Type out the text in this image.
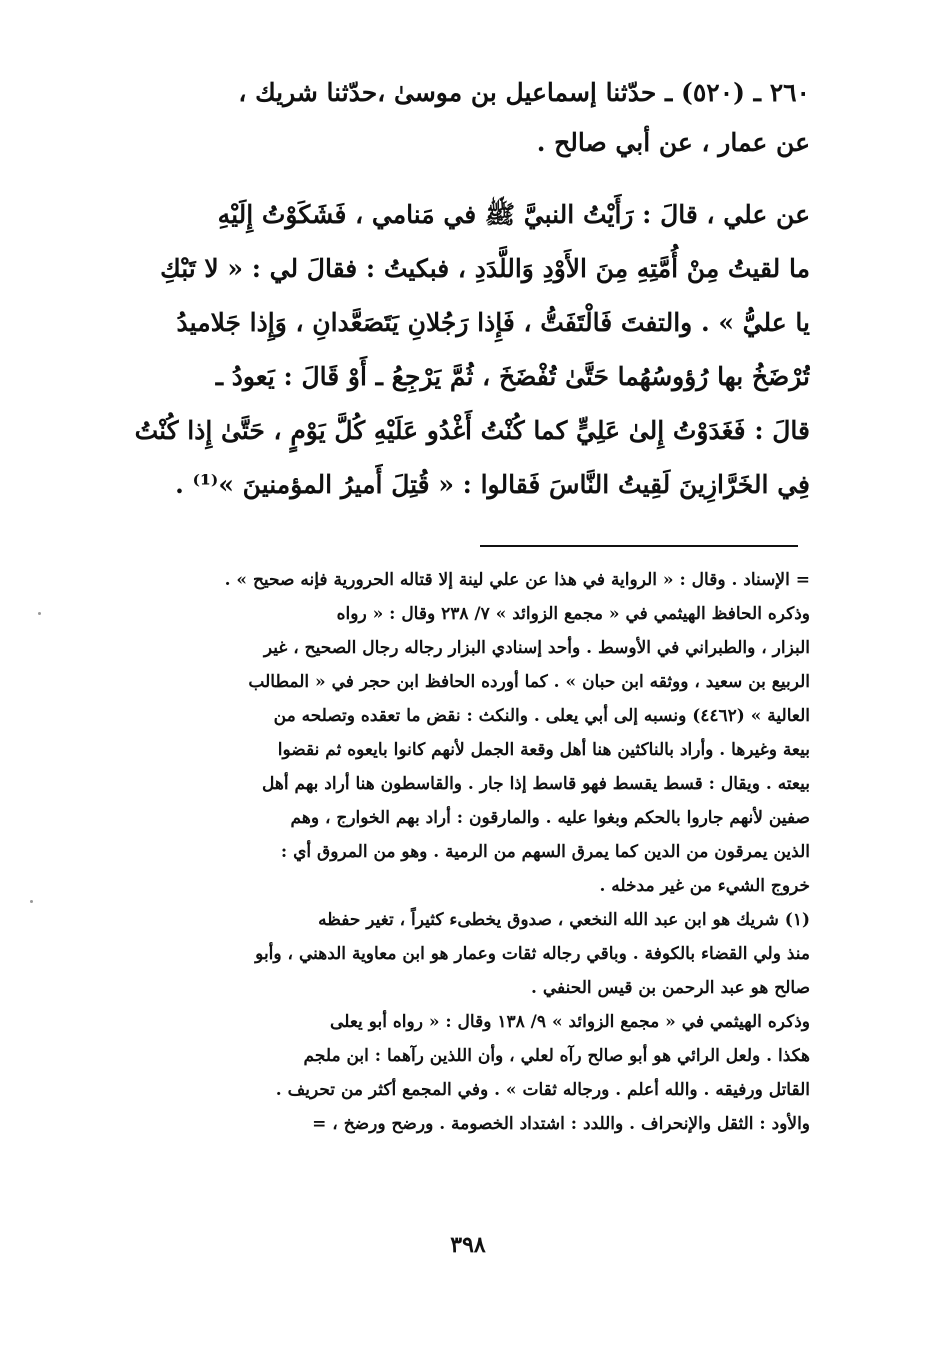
٢٦٠ ـ (٥٢٠) ـ حدّثنا إسماعيل بن موسىٰ ،حدّثنا شريك ،
عن عمار ، عن أبي صالح .
عن علي ، قالَ : رَأَيْتُ النبيَّ ﷺ في مَنامي ، فَشَكَوْتُ إِلَيْهِ
ما لقيتُ مِنْ أُمَّتِهِ مِنَ الأَوْدِ وَاللَّدَدِ ، فبكيتُ : فقالَ لي : « لا تَبْكِ
يا عليُّ » . والتفتَ فَالْتَفَتُّ ، فَإِذا رَجُلانِ يَتَصَعَّدانِ ، وَإِذا جَلاميدُ
تُرْضَخُ بها رُؤوسُهُما حَتَّىٰ تُفْضَخَ ، ثُمَّ يَرْجِعُ ـ أَوْ قَالَ : يَعودُ ـ
قالَ : فَغَدَوْتُ إِلىٰ عَلِيٍّ كما كُنْتُ أَغْدُو عَلَيْهِ كُلَّ يَوْمٍ ، حَتَّىٰ إِذا كُنْتُ
فِي الخَرَّازِينَ لَقِيتُ النَّاسَ فَقالوا : « قُتِلَ أَميرُ المؤمنينَ »⁽¹⁾ .
= الإسناد . وقال : « الرواية في هذا عن علي لينة إلا قتاله الحرورية فإنه صحيح » .
وذكره الحافظ الهيثمي في « مجمع الزوائد » ٧/ ٢٣٨ وقال : « رواه
البزار ، والطبراني في الأوسط . وأحد إسنادي البزار رجاله رجال الصحيح ، غير
الربيع بن سعيد ، ووثقه ابن حبان » . كما أورده الحافظ ابن حجر في « المطالب
العالية » (٤٤٦٢) ونسبه إلى أبي يعلى . والنكث : نقض ما تعقده وتصلحه من
بيعة وغيرها . وأراد بالناكثين هنا أهل وقعة الجمل لأنهم كانوا بايعوه ثم نقضوا
بيعته . ويقال : قسط يقسط فهو قاسط إذا جار . والقاسطون هنا أراد بهم أهل
صفين لأنهم جاروا بالحكم وبغوا عليه . والمارقون : أراد بهم الخوارج ، وهم
الذين يمرقون من الدين كما يمرق السهم من الرمية . وهو من المروق أي :
خروج الشيء من غير مدخله .
(١) شريك هو ابن عبد الله النخعي ، صدوق يخطىء كثيراً ، تغير حفظه
منذ ولي القضاء بالكوفة . وباقي رجاله ثقات وعمار هو ابن معاوية الدهني ، وأبو
صالح هو عبد الرحمن بن قيس الحنفي .
وذكره الهيثمي في « مجمع الزوائد » ٩/ ١٣٨ وقال : « رواه أبو يعلى
هكذا . ولعل الرائي هو أبو صالح رآه لعلي ، وأن اللذين رآهما : ابن ملجم
القاتل ورفيقه . والله أعلم . ورجاله ثقات » . وفي المجمع أكثر من تحريف .
والأود : الثقل والإنحراف . واللدد : اشتداد الخصومة . ورضح ورضخ ، =
٣٩٨
